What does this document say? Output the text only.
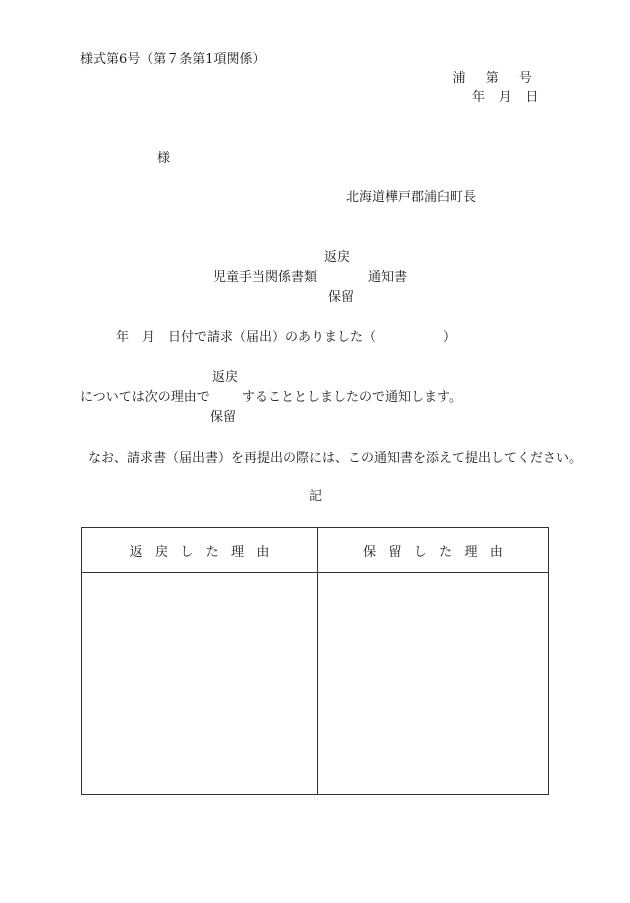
様式第6号（第７条第1項関係）
浦第号
年月日
様
北海道樺戸郡浦臼町長
返戻
児童手当関係書類	通知書
保留
年　月　日付で請求（届出）のありました（	）
返戻
については次の理由で することとしましたので通知します。
保留
なお、請求書（届出書）を再提出の際には、この通知書を添えて提出してください。
記
返戻した理由	保留した理由
